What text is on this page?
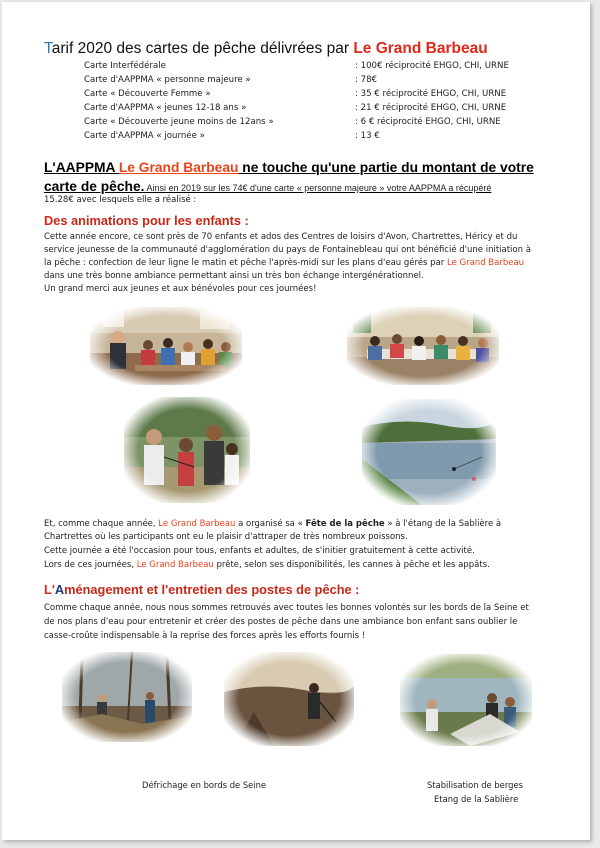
Tarif 2020 des cartes de pêche délivrées par Le Grand Barbeau
Carte Interfédérale	: 100€ réciprocité EHGO, CHI, URNE
Carte d'AAPPMA « personne majeure »	: 78€
Carte « Découverte Femme »	: 35 € réciprocité EHGO, CHI, URNE
Carte d'AAPPMA « jeunes 12-18 ans »	: 21 € réciprocité EHGO, CHI, URNE
Carte « Découverte jeune moins de 12ans »	: 6 € réciprocité EHGO, CHI, URNE
Carte d'AAPPMA « journée »	: 13 €
L'AAPPMA Le Grand Barbeau ne touche qu'une partie du montant de votre
carte de pêche. Ainsi en 2019 sur les 74€ d'une carte « personne majeure » votre AAPPMA a récupéré
15.28€ avec lesquels elle a réalisé :
Des animations pour les enfants :
Cette année encore, ce sont près de 70 enfants et ados des Centres de loisirs d'Avon, Chartrettes, Héricy et du
service jeunesse de la communauté d'agglomération du pays de Fontainebleau qui ont bénéficié d'une initiation à
la pêche : confection de leur ligne le matin et pêche l'après-midi sur les plans d'eau gérés par Le Grand Barbeau
dans une très bonne ambiance permettant ainsi un très bon échange intergénérationnel.
Un grand merci aux jeunes et aux bénévoles pour ces journées!
Et, comme chaque année, Le Grand Barbeau a organisé sa « Fête de la pêche » à l'étang de la Sablière à
Chartrettes où les participants ont eu le plaisir d'attraper de très nombreux poissons.
Cette journée a été l'occasion pour tous, enfants et adultes, de s'initier gratuitement à cette activité.
Lors de ces journées, Le Grand Barbeau prête, selon ses disponibilités, les cannes à pêche et les appâts.
L'Aménagement et l'entretien des postes de pêche :
Comme chaque année, nous nous sommes retrouvés avec toutes les bonnes volontés sur les bords de la Seine et
de nos plans d'eau pour entretenir et créer des postes de pêche dans une ambiance bon enfant sans oublier le
casse-croûte indispensable à la reprise des forces après les efforts fournis !
Défrichage en bords de Seine	Stabilisation de berges
Etang de la Sablière
